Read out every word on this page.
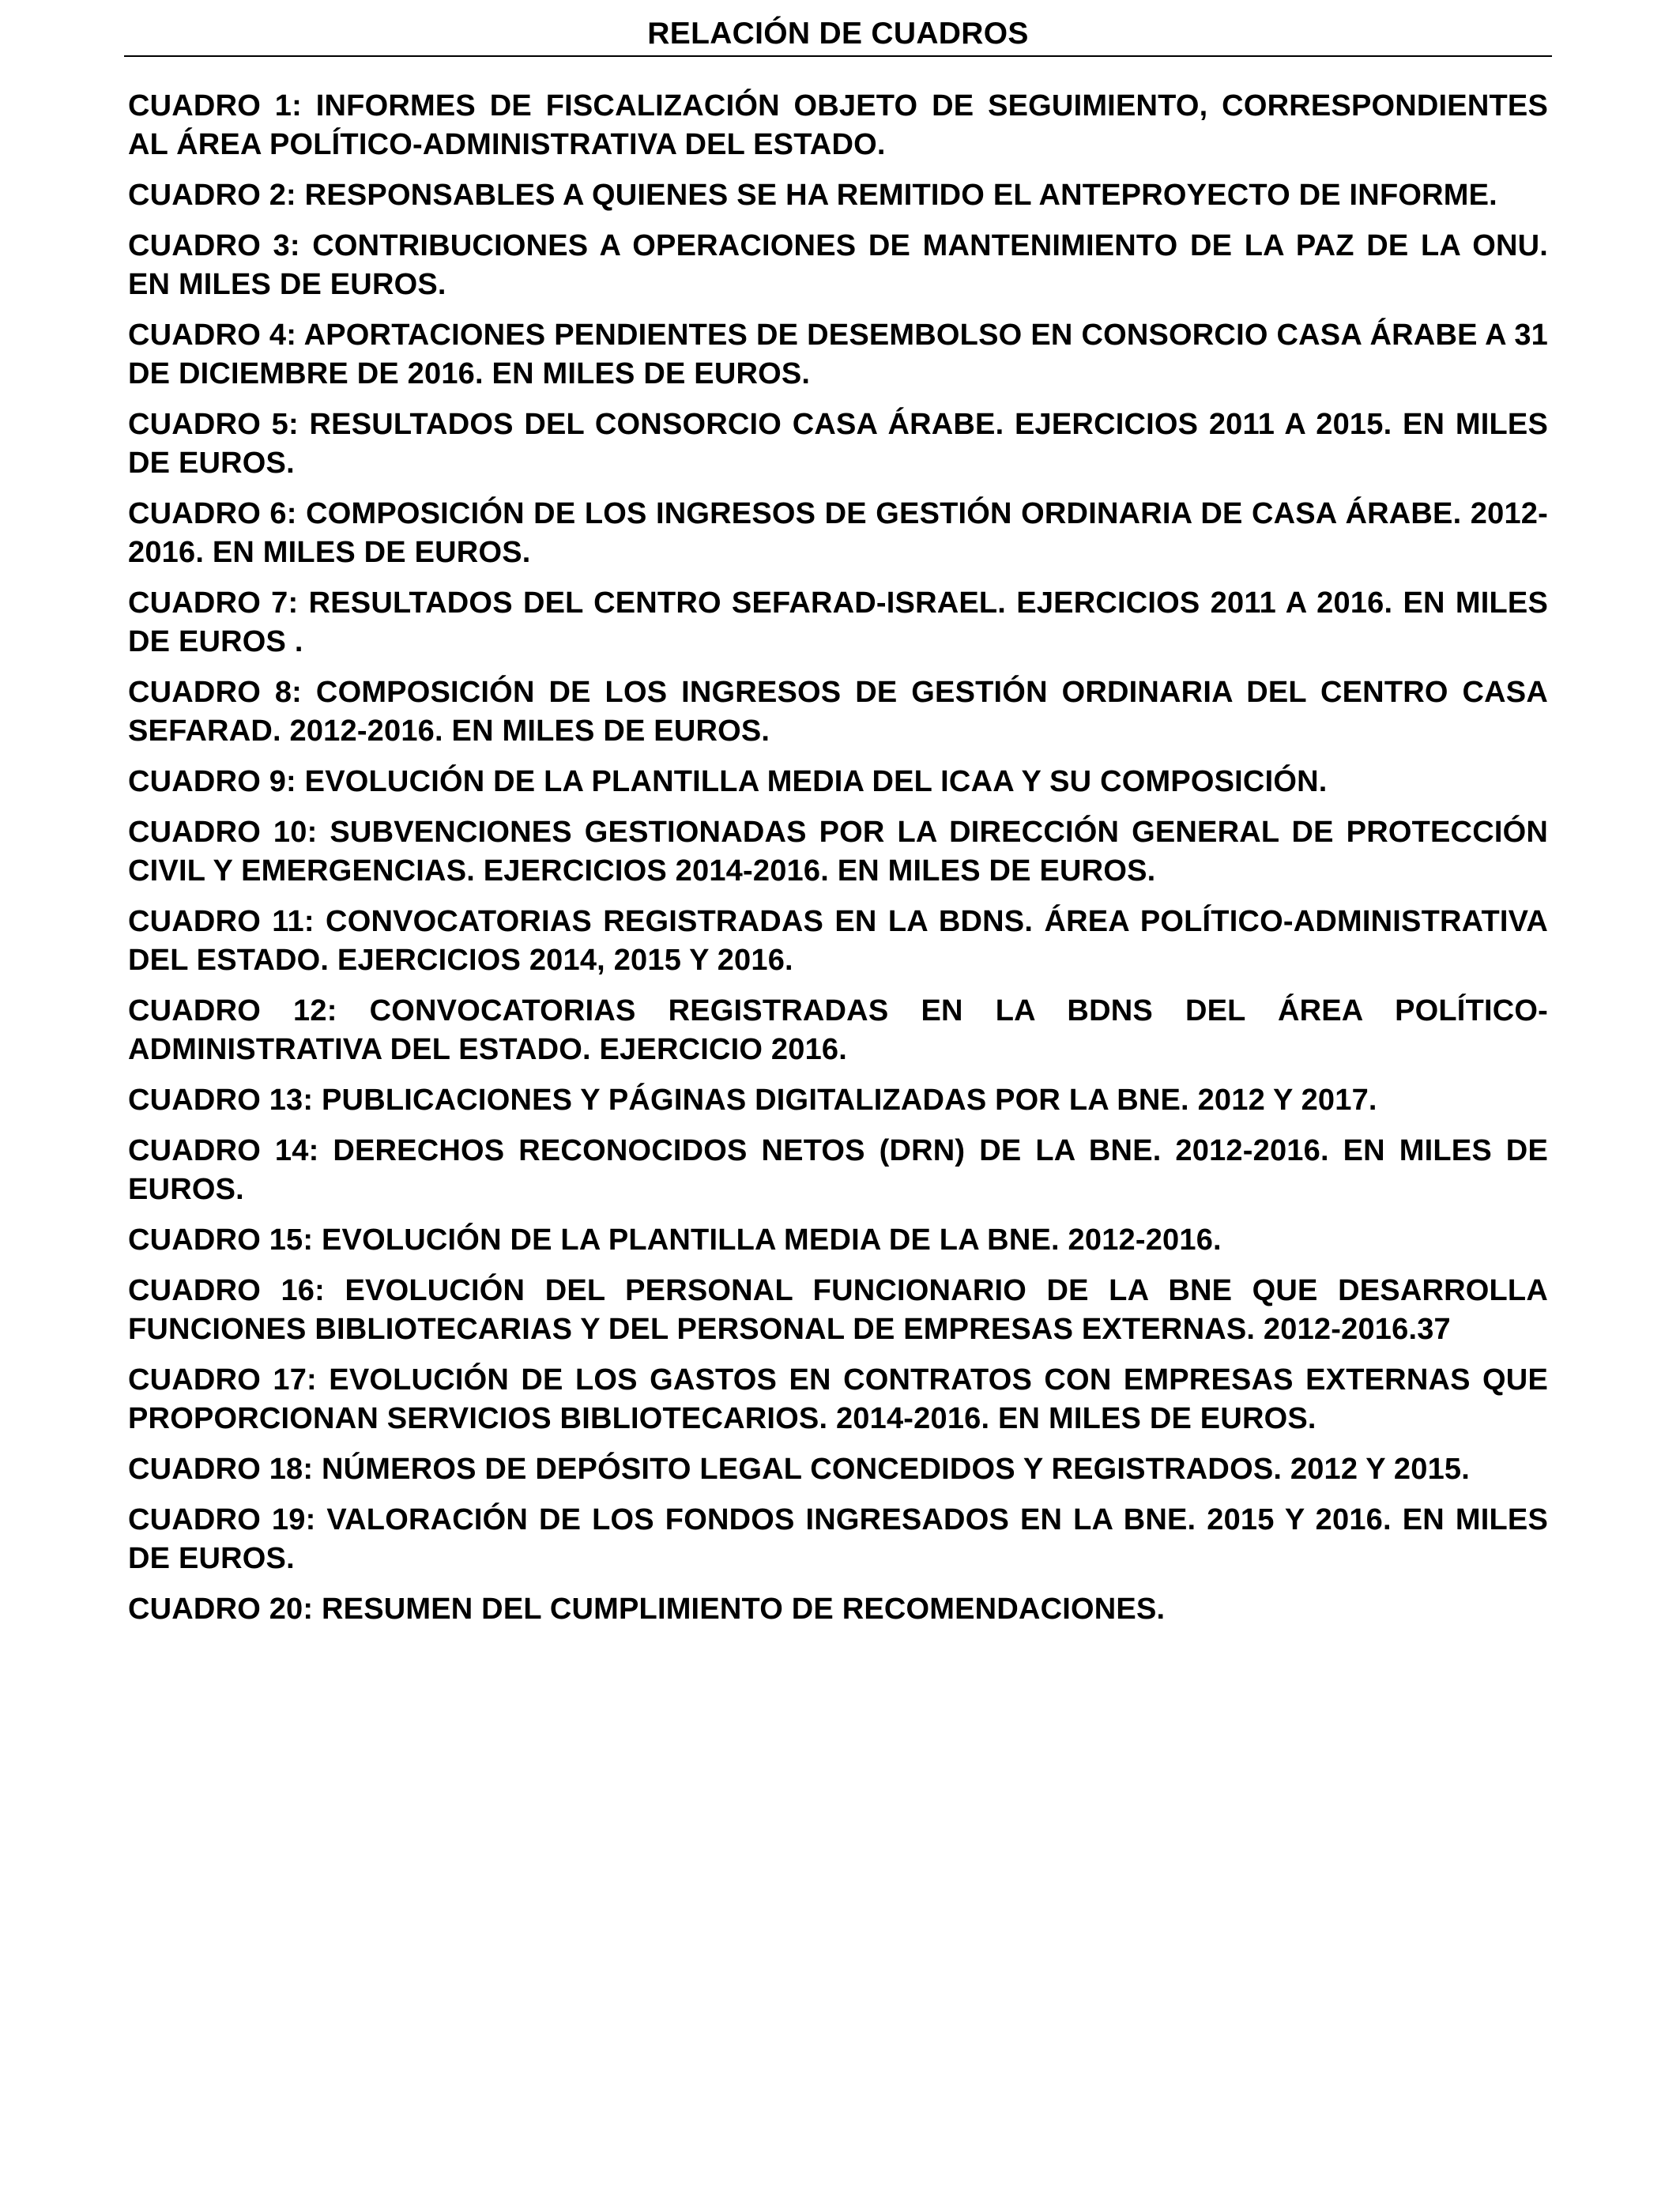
RELACIÓN DE CUADROS
CUADRO 1: INFORMES DE FISCALIZACIÓN OBJETO DE SEGUIMIENTO, CORRESPONDIENTES AL ÁREA POLÍTICO-ADMINISTRATIVA DEL ESTADO.
CUADRO 2: RESPONSABLES A QUIENES SE HA REMITIDO EL ANTEPROYECTO DE INFORME.
CUADRO 3: CONTRIBUCIONES A OPERACIONES DE MANTENIMIENTO DE LA PAZ DE LA ONU. EN MILES DE EUROS.
CUADRO 4: APORTACIONES PENDIENTES DE DESEMBOLSO EN CONSORCIO CASA ÁRABE A 31 DE DICIEMBRE DE 2016. EN MILES DE EUROS.
CUADRO 5: RESULTADOS DEL CONSORCIO CASA ÁRABE. EJERCICIOS 2011 A 2015. EN MILES DE EUROS.
CUADRO 6: COMPOSICIÓN DE LOS INGRESOS DE GESTIÓN ORDINARIA DE CASA ÁRABE. 2012-2016. EN MILES DE EUROS.
CUADRO 7: RESULTADOS DEL CENTRO SEFARAD-ISRAEL. EJERCICIOS 2011 A 2016. EN MILES DE EUROS .
CUADRO 8: COMPOSICIÓN DE LOS INGRESOS DE GESTIÓN ORDINARIA DEL CENTRO CASA SEFARAD. 2012-2016. EN MILES DE EUROS.
CUADRO 9: EVOLUCIÓN DE LA PLANTILLA MEDIA DEL ICAA Y SU COMPOSICIÓN.
CUADRO 10: SUBVENCIONES GESTIONADAS POR LA DIRECCIÓN GENERAL DE PROTECCIÓN CIVIL Y EMERGENCIAS. EJERCICIOS 2014-2016. EN MILES DE EUROS.
CUADRO 11: CONVOCATORIAS REGISTRADAS EN LA BDNS. ÁREA POLÍTICO-ADMINISTRATIVA DEL ESTADO. EJERCICIOS 2014, 2015 Y 2016.
CUADRO 12: CONVOCATORIAS REGISTRADAS EN LA BDNS DEL ÁREA POLÍTICO-ADMINISTRATIVA DEL ESTADO. EJERCICIO 2016.
CUADRO 13: PUBLICACIONES Y PÁGINAS DIGITALIZADAS POR LA BNE. 2012 Y 2017.
CUADRO 14: DERECHOS RECONOCIDOS NETOS (DRN) DE LA BNE. 2012-2016. EN MILES DE EUROS.
CUADRO 15: EVOLUCIÓN DE LA PLANTILLA MEDIA DE LA BNE. 2012-2016.
CUADRO 16: EVOLUCIÓN DEL PERSONAL FUNCIONARIO DE LA BNE QUE DESARROLLA FUNCIONES BIBLIOTECARIAS Y DEL PERSONAL DE EMPRESAS EXTERNAS. 2012-2016.37
CUADRO 17: EVOLUCIÓN DE LOS GASTOS EN CONTRATOS CON EMPRESAS EXTERNAS QUE PROPORCIONAN SERVICIOS BIBLIOTECARIOS. 2014-2016. EN MILES DE EUROS.
CUADRO 18: NÚMEROS DE DEPÓSITO LEGAL CONCEDIDOS Y REGISTRADOS. 2012 Y 2015.
CUADRO 19: VALORACIÓN DE LOS FONDOS INGRESADOS EN LA BNE. 2015 Y 2016. EN MILES DE EUROS.
CUADRO 20: RESUMEN DEL CUMPLIMIENTO DE RECOMENDACIONES.
